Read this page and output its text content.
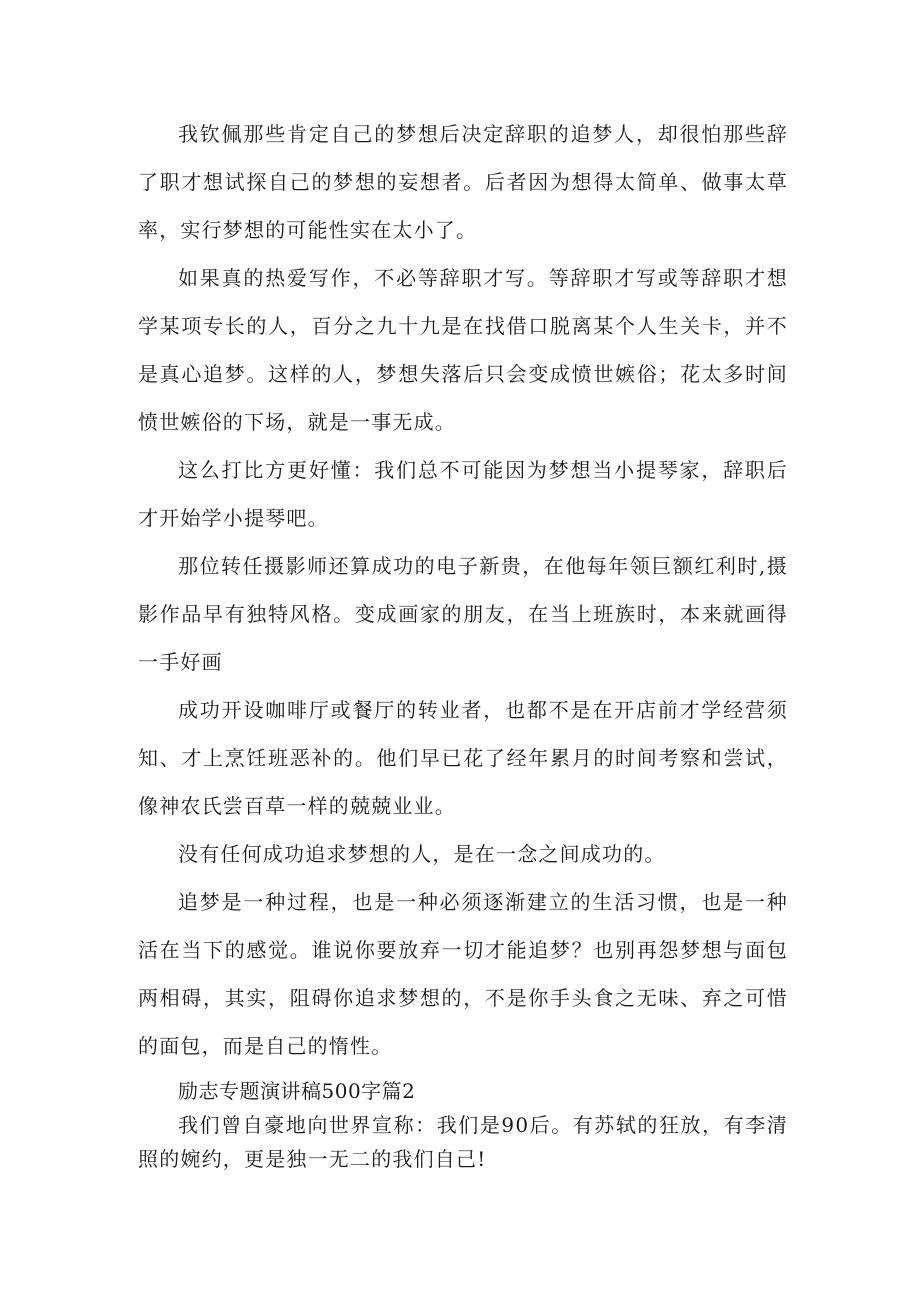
我钦佩那些肯定自己的梦想后决定辞职的追梦人，却很怕那些辞了职才想试探自己的梦想的妄想者。后者因为想得太简单、做事太草率，实行梦想的可能性实在太小了。

如果真的热爱写作，不必等辞职才写。等辞职才写或等辞职才想学某项专长的人，百分之九十九是在找借口脱离某个人生关卡，并不是真心追梦。这样的人，梦想失落后只会变成愤世嫉俗；花太多时间愤世嫉俗的下场，就是一事无成。

这么打比方更好懂：我们总不可能因为梦想当小提琴家，辞职后才开始学小提琴吧。

那位转任摄影师还算成功的电子新贵，在他每年领巨额红利时,摄影作品早有独特风格。变成画家的朋友，在当上班族时，本来就画得一手好画

成功开设咖啡厅或餐厅的转业者，也都不是在开店前才学经营须知、才上烹饪班恶补的。他们早已花了经年累月的时间考察和尝试，像神农氏尝百草一样的兢兢业业。

没有任何成功追求梦想的人，是在一念之间成功的。

追梦是一种过程，也是一种必须逐渐建立的生活习惯，也是一种活在当下的感觉。谁说你要放弃一切才能追梦？也别再怨梦想与面包两相碍，其实，阻碍你追求梦想的，不是你手头食之无味、弃之可惜的面包，而是自己的惰性。

励志专题演讲稿500字篇2

我们曾自豪地向世界宣称：我们是90后。有苏轼的狂放，有李清照的婉约，更是独一无二的我们自己!
